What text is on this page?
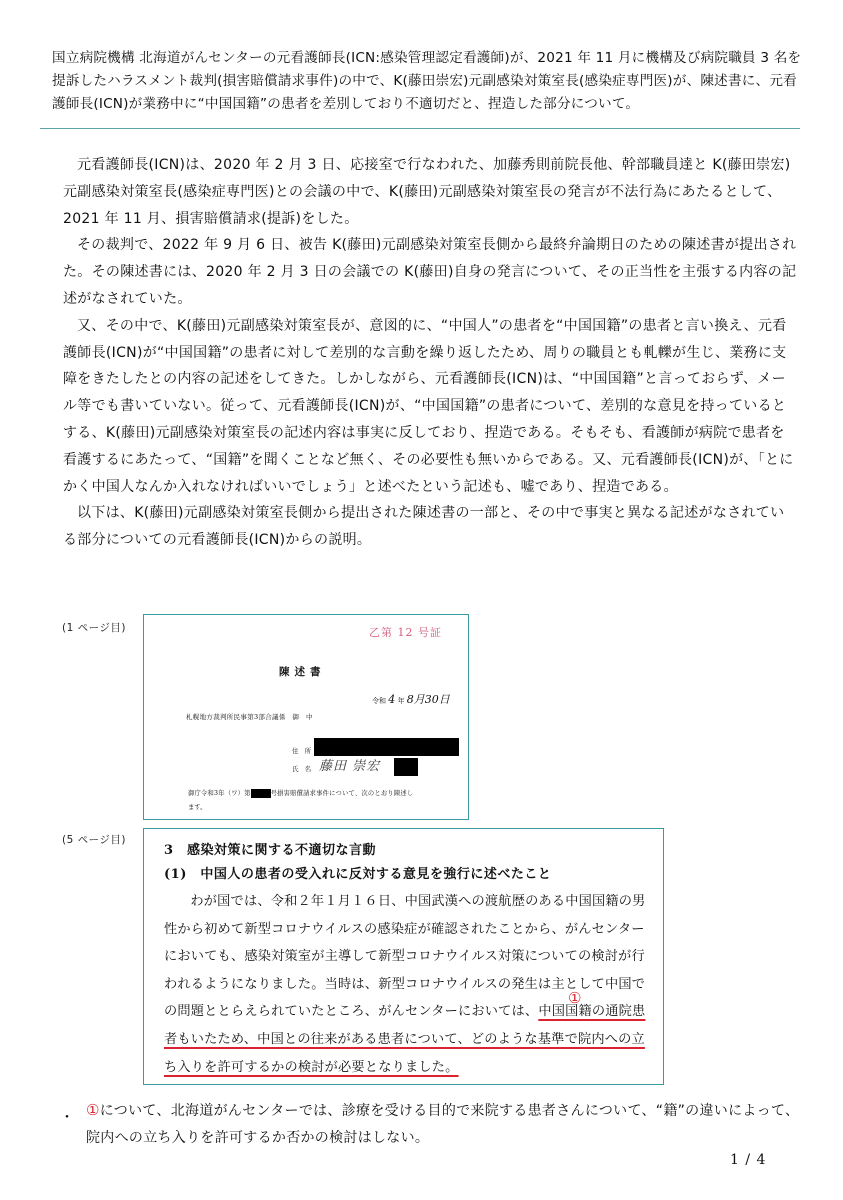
国立病院機構 北海道がんセンターの元看護師長(ICN:感染管理認定看護師)が、2021 年 11 月に機構及び病院職員 3 名を提訴したハラスメント裁判(損害賠償請求事件)の中で、K(藤田崇宏)元副感染対策室長(感染症専門医)が、陳述書に、元看護師長(ICN)が業務中に“中国国籍”の患者を差別しており不適切だと、捏造した部分について。

元看護師長(ICN)は、2020 年 2 月 3 日、応接室で行なわれた、加藤秀則前院長他、幹部職員達と K(藤田崇宏)元副感染対策室長(感染症専門医)との会議の中で、K(藤田)元副感染対策室長の発言が不法行為にあたるとして、2021 年 11 月、損害賠償請求(提訴)をした。

その裁判で、2022 年 9 月 6 日、被告 K(藤田)元副感染対策室長側から最終弁論期日のための陳述書が提出された。その陳述書には、2020 年 2 月 3 日の会議での K(藤田)自身の発言について、その正当性を主張する内容の記述がなされていた。

又、その中で、K(藤田)元副感染対策室長が、意図的に、“中国人”の患者を“中国国籍”の患者と言い換え、元看護師長(ICN)が“中国国籍”の患者に対して差別的な言動を繰り返したため、周りの職員とも軋轢が生じ、業務に支障をきたしたとの内容の記述をしてきた。しかしながら、元看護師長(ICN)は、“中国国籍”と言っておらず、メール等でも書いていない。従って、元看護師長(ICN)が、“中国国籍”の患者について、差別的な意見を持っているとする、K(藤田)元副感染対策室長の記述内容は事実に反しており、捏造である。そもそも、看護師が病院で患者を看護するにあたって、“国籍”を聞くことなど無く、その必要性も無いからである。又、元看護師長(ICN)が、「とにかく中国人なんか入れなければいいでしょう」と述べたという記述も、嘘であり、捏造である。

以下は、K(藤田)元副感染対策室長側から提出された陳述書の一部と、その中で事実と異なる記述がなされている部分についての元看護師長(ICN)からの説明。

(1 ページ目)	乙第 12 号証
陳述書
令和 4 年 8月30日
札幌地方裁判所民事第3部合議係　御　中
住 所
氏 名 藤田 崇宏
御庁令和3年（ワ）第	号損害賠償請求事件について、次のとおり陳述し
ます。
(5 ページ目)
3　感染対策に関する不適切な言動
(1)　中国人の患者の受入れに反対する意見を強行に述べたこと

わが国では、令和２年１月１６日、中国武漢への渡航歴のある中国国籍の男性から初めて新型コロナウイルスの感染症が確認されたことから、がんセンターにおいても、感染対策室が主導して新型コロナウイルス対策についての検討が行われるようになりました。当時は、新型コロナウイルスの発生は主として中国での問題ととらえられていたところ、がんセンターにおいては、中国国籍の通院患者もいたため、中国との往来がある患者について、どのような基準で院内への立ち入りを許可するかの検討が必要となりました。

①
・ ①について、北海道がんセンターでは、診療を受ける目的で来院する患者さんについて、“籍”の違いによって、院内への立ち入りを許可するか否かの検討はしない。
1 / 4
